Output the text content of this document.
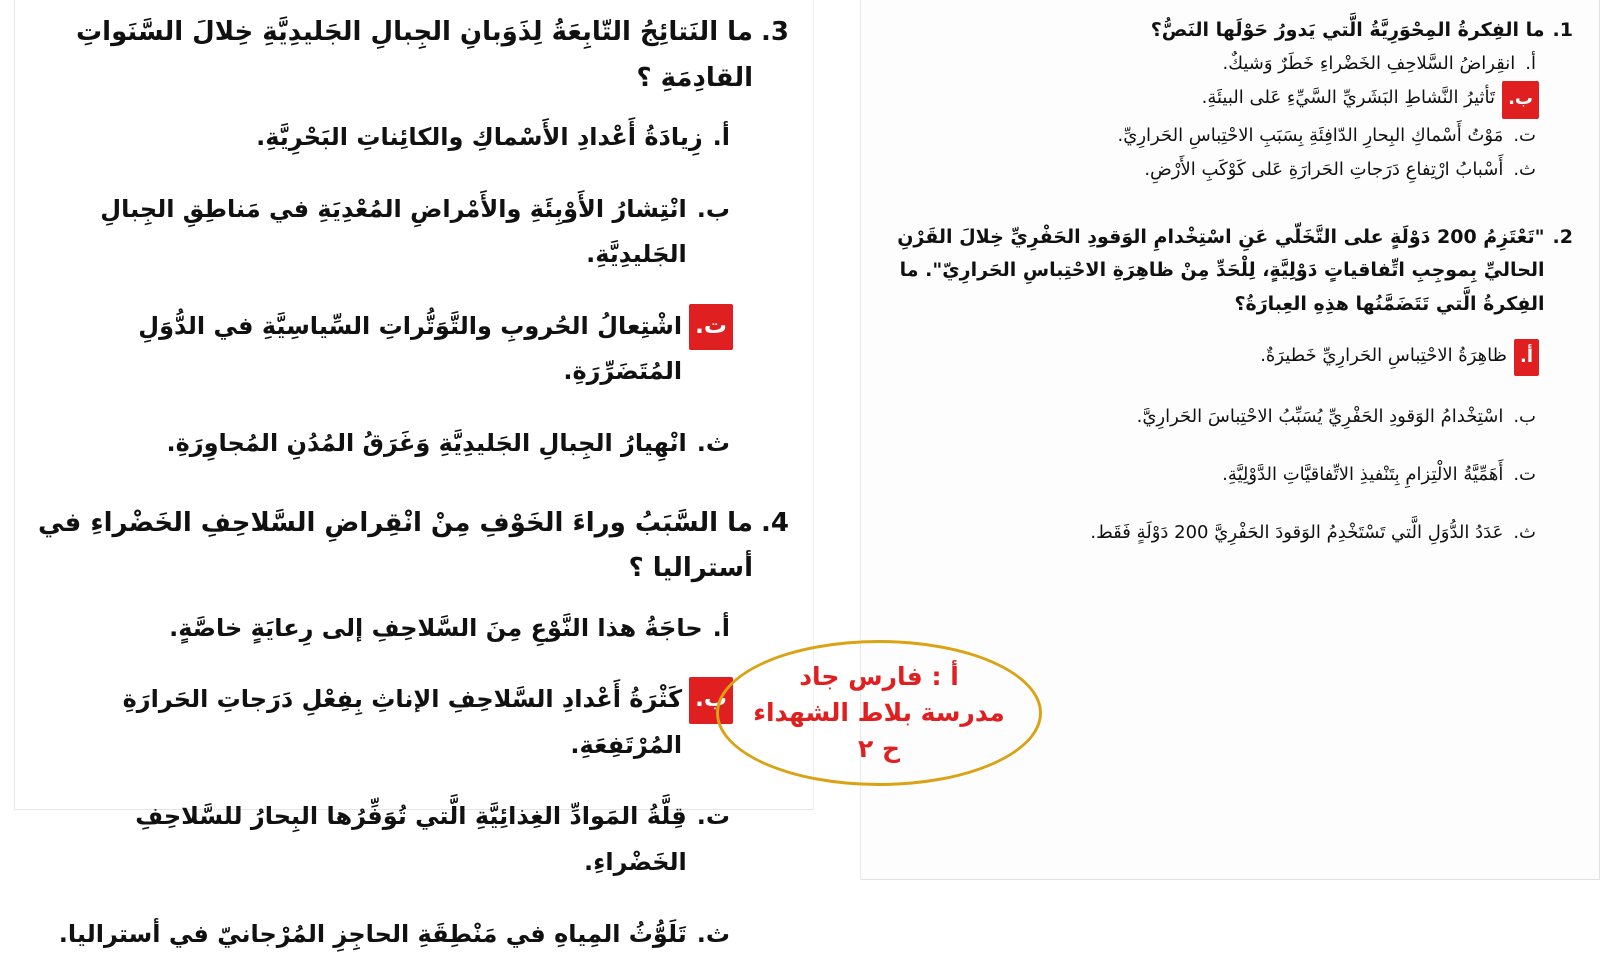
1.
ما الفِكرةُ المِحْوَرِيَّةُ الَّتي يَدورُ حَوْلَها النَصُّ؟
أ.
انقِراضُ السَّلاحِفِ الخَضْراءِ خَطَرٌ وَشيكٌ.
ب.
تَأثيرُ النَّشاطِ البَشَريِّ السَّيِّءِ عَلى البيئَةِ.
ت.
مَوْتُ أَسْماكِ البِحارِ الدّافِئَةِ بِسَبَبِ الاحْتِباسِ الحَرارِيِّ.
ث.
أَسْبابُ ارْتِفاعِ دَرَجاتِ الحَرارَةِ عَلى كَوْكَبِ الأَرْضِ.
2.
"تَعْتَزِمُ 200 دَوْلَةٍ على التَّخَلّي عَنِ اسْتِخْدامِ الوَقودِ الحَفْرِيِّ خِلالَ القَرْنِ الحاليِّ بِموجِبِ اتِّفاقياتٍ دَوْلِيَّةٍ، لِلْحَدِّ مِنْ ظاهِرَةِ الاحْتِباسِ الحَرارِيّ". ما الفِكرةُ الَّتي تَتَضَمَّنُها هذِهِ العِبارَةُ؟
أ.
ظاهِرَةُ الاحْتِباسِ الحَرارِيِّ خَطيرَةٌ.
ب.
اسْتِخْدامُ الوَقودِ الحَفْرِيِّ يُسَبِّبُ الاحْتِباسَ الحَرارِيَّ.
ت.
أَهَمِّيَّةُ الالْتِزامِ بِتَنْفيذِ الاتِّفاقيَّاتِ الدَّوْلِيَّةِ.
ث.
عَدَدُ الدُّوَلِ الَّتي تَسْتَخْدِمُ الوَقودَ الحَفْرِيَّ 200 دَوْلَةٍ فَقَط.
3.
ما النَتائِجُ التّابِعَةُ لِذَوَبانِ الجِبالِ الجَليدِيَّةِ خِلالَ السَّنَواتِ القادِمَةِ ؟
أ.
زِيادَةُ أَعْدادِ الأَسْماكِ والكائِناتِ البَحْرِيَّةِ.
ب.
انْتِشارُ الأَوْبِئَةِ والأَمْراضِ المُعْدِيَةِ في مَناطِقِ الجِبالِ الجَليدِيَّةِ.
ت.
اشْتِعالُ الحُروبِ والتَّوَتُّراتِ السِّياسِيَّةِ في الدُّوَلِ المُتَضَرِّرَةِ.
ث.
انْهِيارُ الجِبالِ الجَليدِيَّةِ وَغَرَقُ المُدُنِ المُجاوِرَةِ.
4.
ما السَّبَبُ وراءَ الخَوْفِ مِنْ انْقِراضِ السَّلاحِفِ الخَضْراءِ في أستراليا ؟
أ.
حاجَةُ هذا النَّوْعِ مِنَ السَّلاحِفِ إلى رِعايَةٍ خاصَّةٍ.
ب.
كَثْرَةُ أَعْدادِ السَّلاحِفِ الإناثِ بِفِعْلِ دَرَجاتِ الحَرارَةِ المُرْتَفِعَةِ.
ت.
قِلَّةُ المَوادِّ الغِذائِيَّةِ الَّتي تُوَفِّرُها البِحارُ للسَّلاحِفِ الخَضْراءِ.
ث.
تَلَوُّثُ المِياهِ في مَنْطِقَةِ الحاجِزِ المُرْجانيّ في أستراليا.
أ : فارس جاد
مدرسة بلاط الشهداء
ح ٢
